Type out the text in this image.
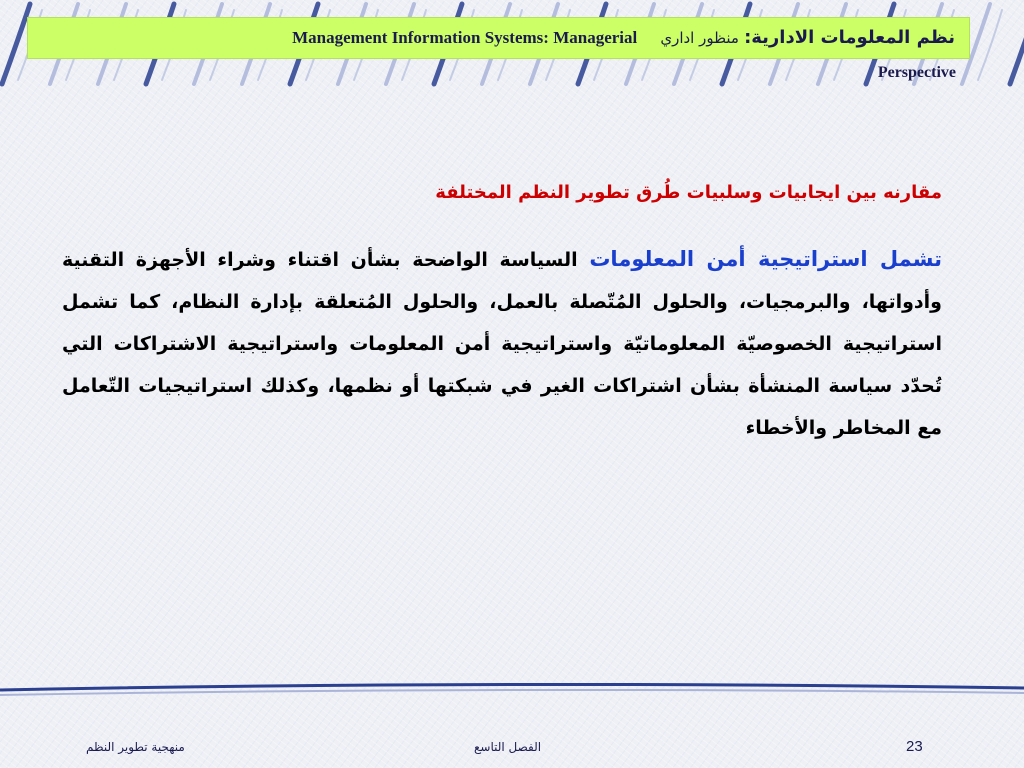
Management Information Systems: Managerial منظور اداري نظم المعلومات الادارية:
Perspective

مقارنه بين ايجابيات وسلبيات طُرق تطوير النظم المختلفة

تشمل استراتيجية أمن المعلومات السياسة الواضحة بشأن اقتناء وشراء الأجهزة التقنية وأدواتها، والبرمجيات، والحلول المُتّصلة بالعمل، والحلول المُتعلقة بإدارة النظام، كما تشمل استراتيجية الخصوصيّة المعلوماتيّة واستراتيجية أمن المعلومات واستراتيجية الاشتراكات التي تُحدّد سياسة المنشأة بشأن اشتراكات الغير في شبكتها أو نظمها، وكذلك استراتيجيات التّعامل مع المخاطر والأخطاء

منهجية تطوير النظم	الفصل التاسع	23
